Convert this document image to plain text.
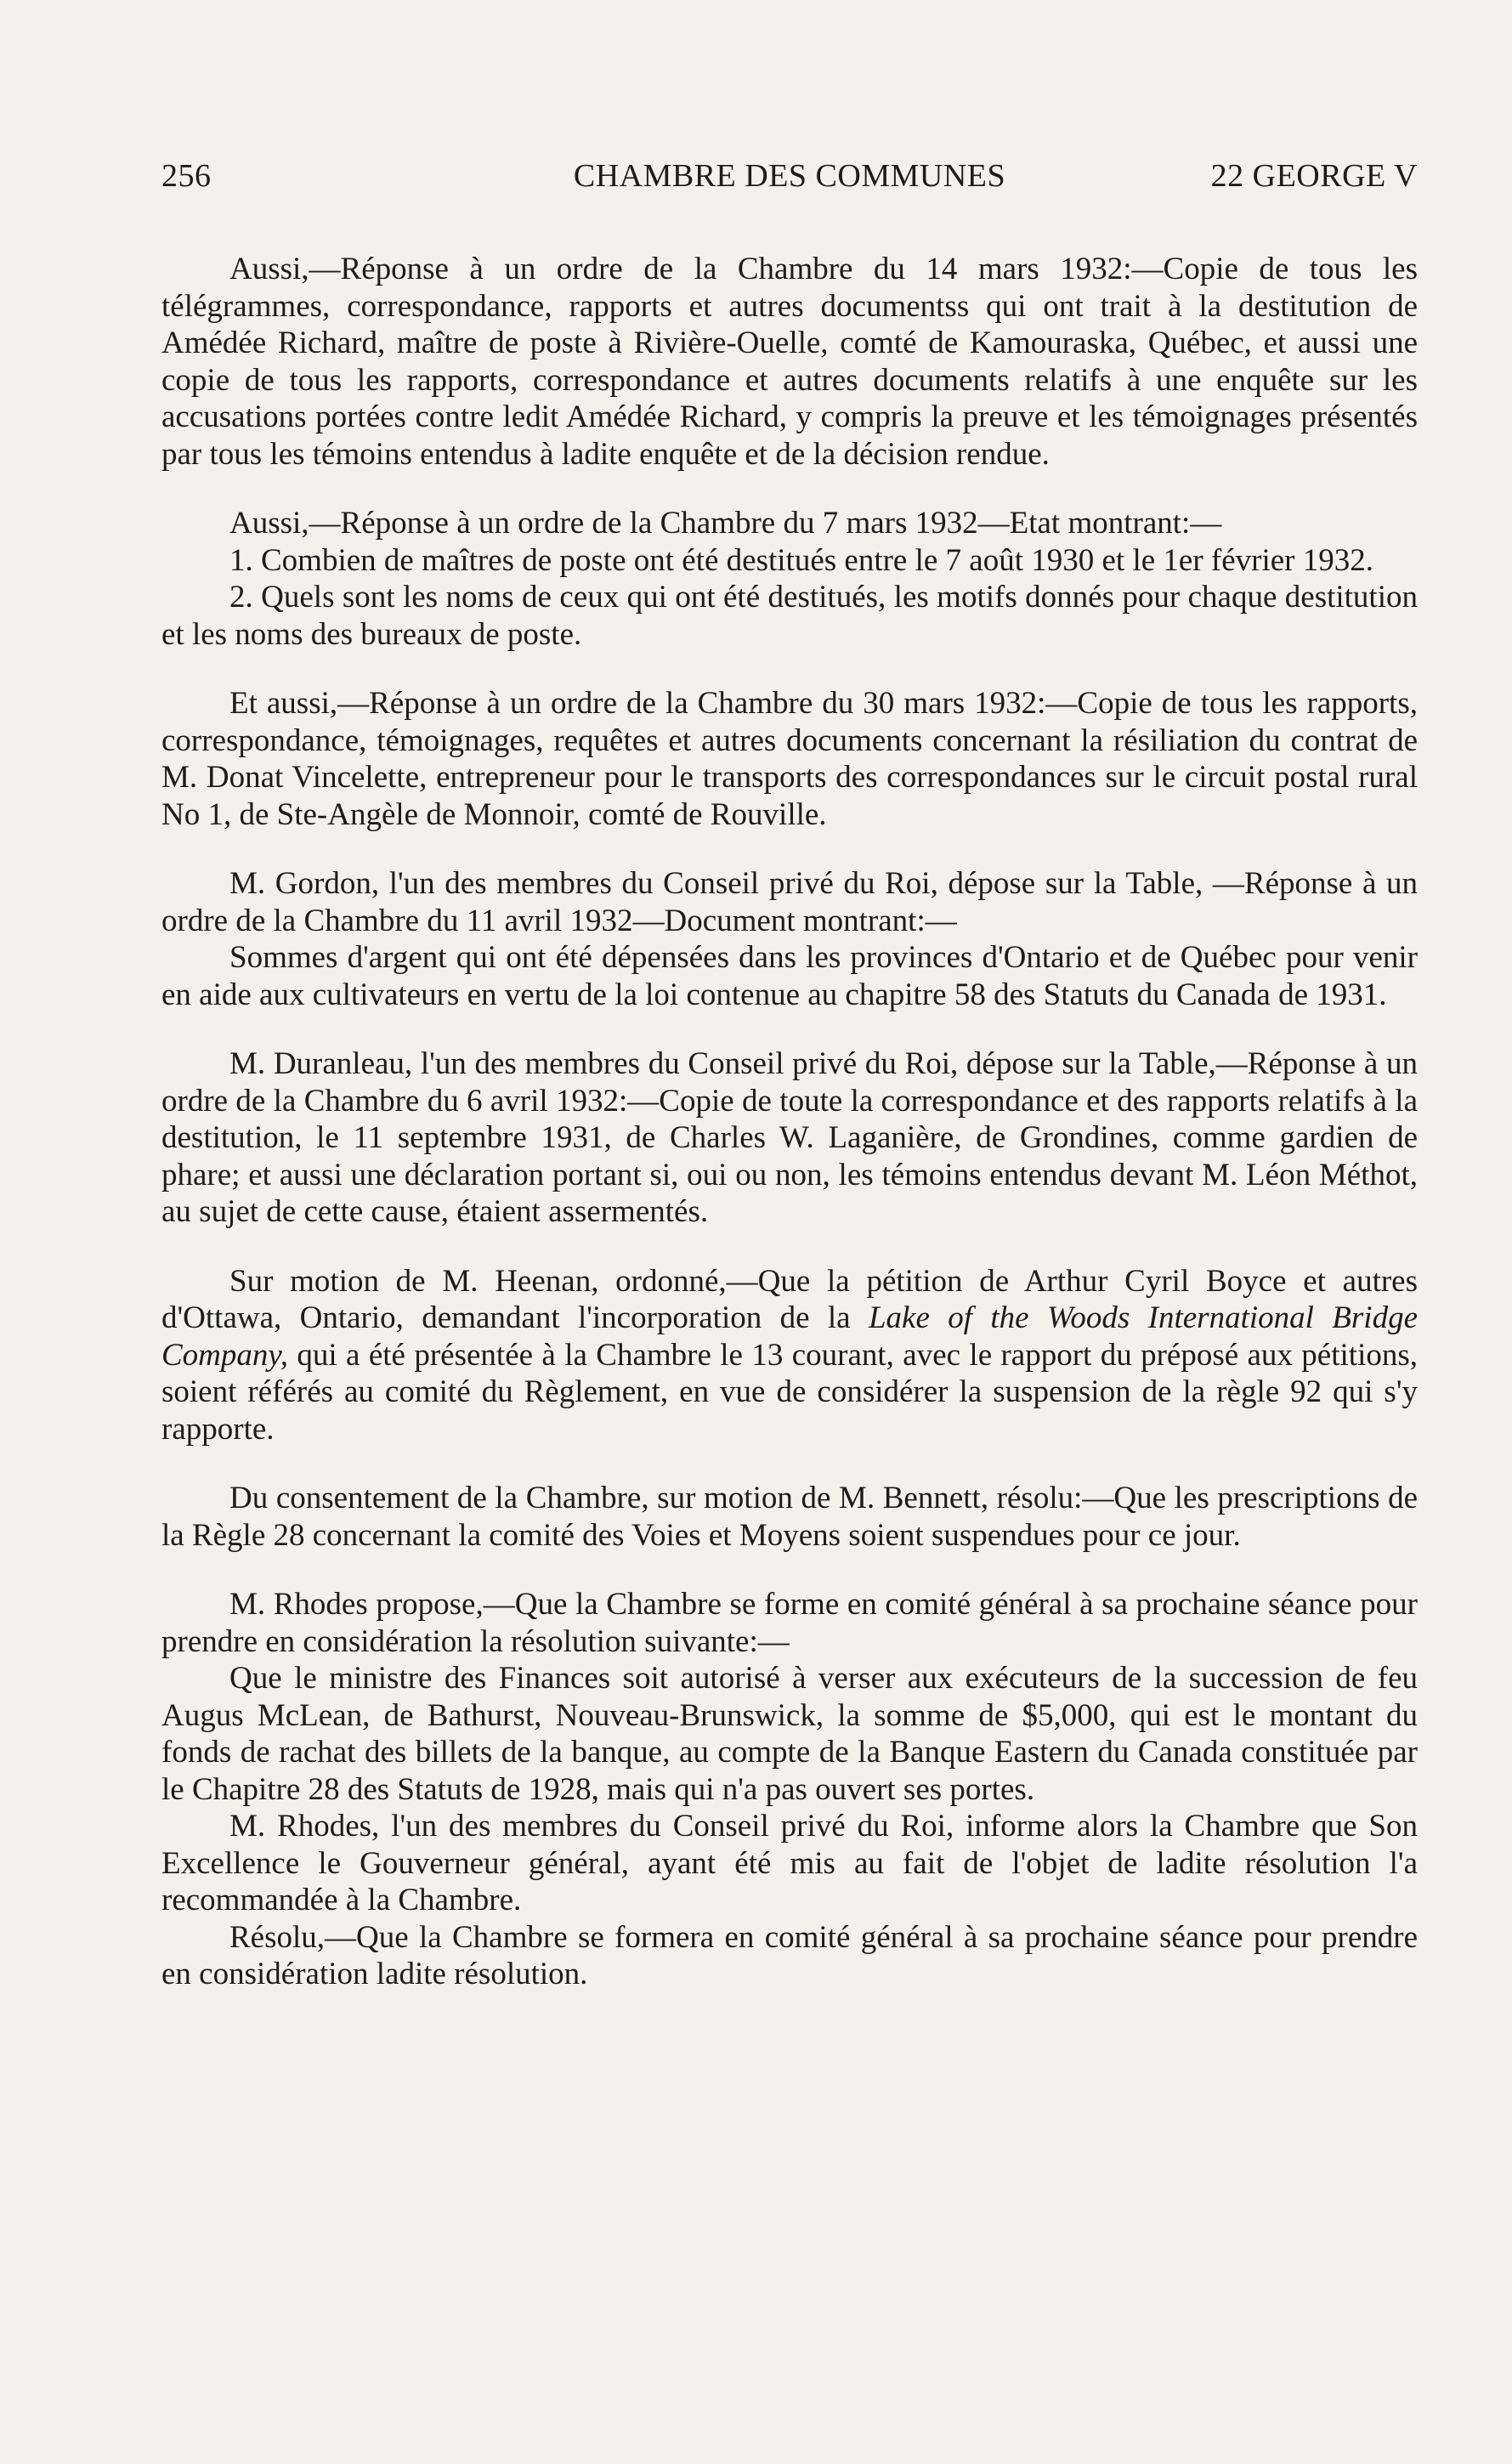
256	CHAMBRE DES COMMUNES	22 GEORGE V

Aussi,—Réponse à un ordre de la Chambre du 14 mars 1932:—Copie de tous les télégrammes, correspondance, rapports et autres documentss qui ont trait à la destitution de Amédée Richard, maître de poste à Rivière-Ouelle, comté de Kamouraska, Québec, et aussi une copie de tous les rapports, correspondance et autres documents relatifs à une enquête sur les accusations portées contre ledit Amédée Richard, y compris la preuve et les témoignages présentés par tous les témoins entendus à ladite enquête et de la décision rendue.

Aussi,—Réponse à un ordre de la Chambre du 7 mars 1932—Etat montrant:—

1. Combien de maîtres de poste ont été destitués entre le 7 août 1930 et le 1er février 1932.

2. Quels sont les noms de ceux qui ont été destitués, les motifs donnés pour chaque destitution et les noms des bureaux de poste.

Et aussi,—Réponse à un ordre de la Chambre du 30 mars 1932:—Copie de tous les rapports, correspondance, témoignages, requêtes et autres documents concernant la résiliation du contrat de M. Donat Vincelette, entrepreneur pour le transports des correspondances sur le circuit postal rural No 1, de Ste-Angèle de Monnoir, comté de Rouville.

M. Gordon, l'un des membres du Conseil privé du Roi, dépose sur la Table, —Réponse à un ordre de la Chambre du 11 avril 1932—Document montrant:—

Sommes d'argent qui ont été dépensées dans les provinces d'Ontario et de Québec pour venir en aide aux cultivateurs en vertu de la loi contenue au chapitre 58 des Statuts du Canada de 1931.

M. Duranleau, l'un des membres du Conseil privé du Roi, dépose sur la Table,—Réponse à un ordre de la Chambre du 6 avril 1932:—Copie de toute la correspondance et des rapports relatifs à la destitution, le 11 septembre 1931, de Charles W. Laganière, de Grondines, comme gardien de phare; et aussi une déclaration portant si, oui ou non, les témoins entendus devant M. Léon Méthot, au sujet de cette cause, étaient assermentés.

Sur motion de M. Heenan, ordonné,—Que la pétition de Arthur Cyril Boyce et autres d'Ottawa, Ontario, demandant l'incorporation de la Lake of the Woods International Bridge Company, qui a été présentée à la Chambre le 13 courant, avec le rapport du préposé aux pétitions, soient référés au comité du Règlement, en vue de considérer la suspension de la règle 92 qui s'y rapporte.

Du consentement de la Chambre, sur motion de M. Bennett, résolu:—Que les prescriptions de la Règle 28 concernant la comité des Voies et Moyens soient suspendues pour ce jour.

M. Rhodes propose,—Que la Chambre se forme en comité général à sa prochaine séance pour prendre en considération la résolution suivante:—

Que le ministre des Finances soit autorisé à verser aux exécuteurs de la succession de feu Augus McLean, de Bathurst, Nouveau-Brunswick, la somme de $5,000, qui est le montant du fonds de rachat des billets de la banque, au compte de la Banque Eastern du Canada constituée par le Chapitre 28 des Statuts de 1928, mais qui n'a pas ouvert ses portes.

M. Rhodes, l'un des membres du Conseil privé du Roi, informe alors la Chambre que Son Excellence le Gouverneur général, ayant été mis au fait de l'objet de ladite résolution l'a recommandée à la Chambre.

Résolu,—Que la Chambre se formera en comité général à sa prochaine séance pour prendre en considération ladite résolution.
